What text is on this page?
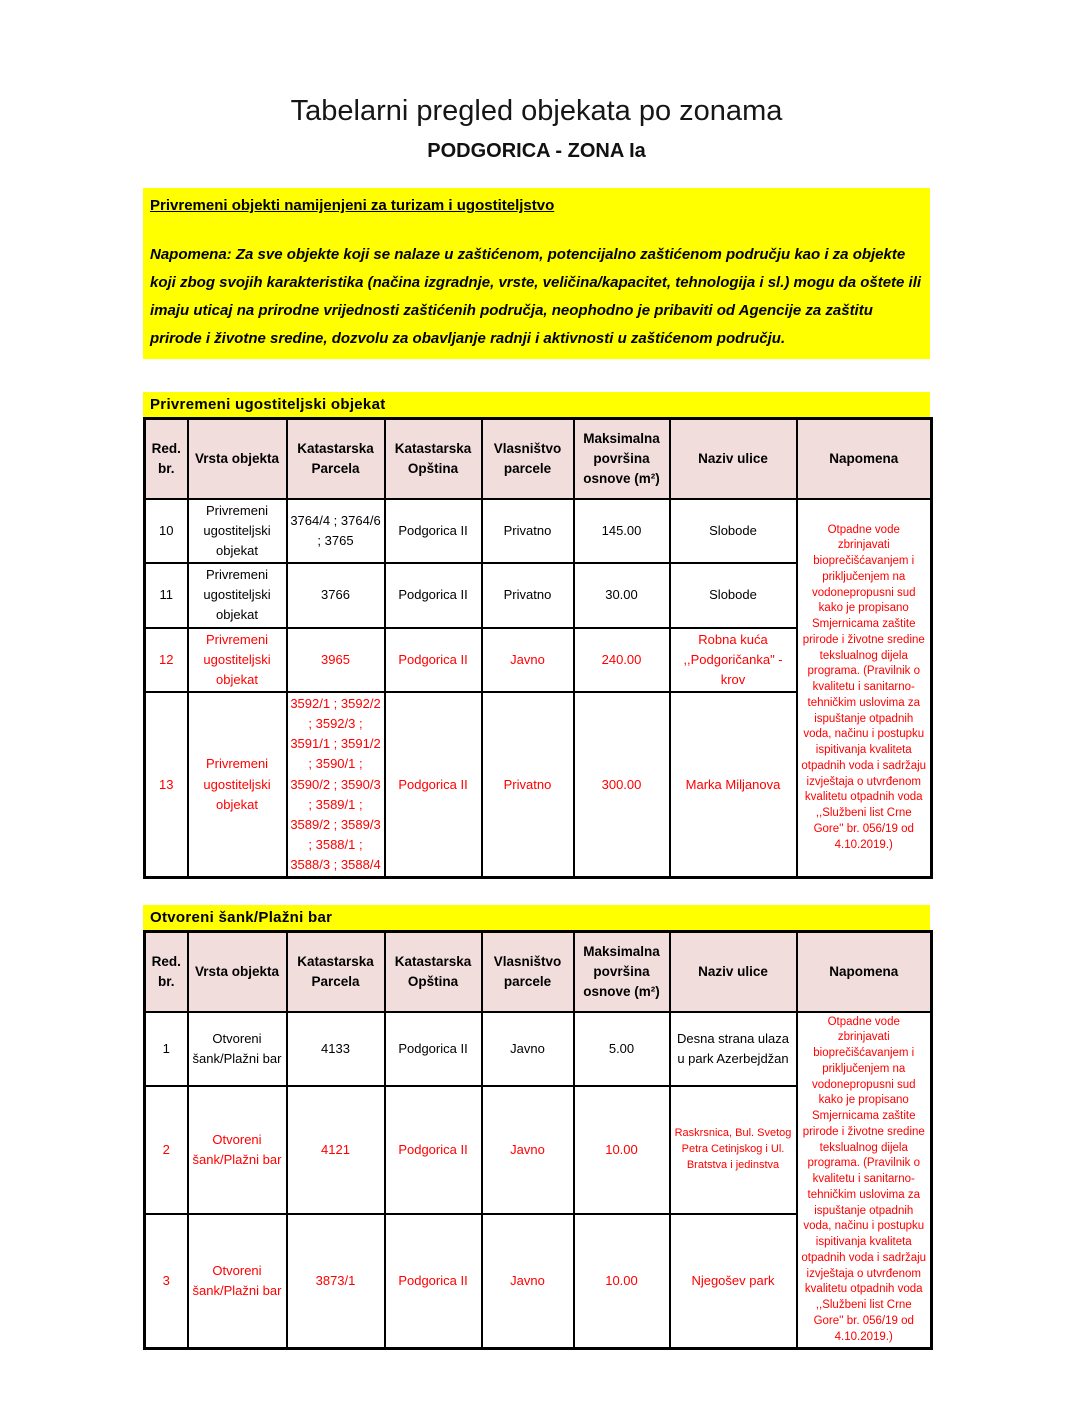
Tabelarni pregled objekata po zonama
PODGORICA - ZONA Ia
Privremeni objekti namijenjeni za turizam i ugostiteljstvo
Napomena: Za sve objekte koji se nalaze u zaštićenom, potencijalno zaštićenom području kao i za objekte koji zbog svojih karakteristika (načina izgradnje, vrste, veličina/kapacitet, tehnologija i sl.) mogu da oštete ili imaju uticaj na prirodne vrijednosti zaštićenih područja, neophodno je pribaviti od Agencije za zaštitu prirode i životne sredine, dozvolu za obavljanje radnji i aktivnosti u zaštićenom području.
Privremeni ugostiteljski objekat
Red. br.	Vrsta objekta	Katastarska Parcela	Katastarska Opština	Vlasništvo parcele	Maksimalna površina osnove (m²)	Naziv ulice	Napomena
10	Privremeni ugostiteljski objekat	3764/4 ; 3764/6 ; 3765	Podgorica II	Privatno	145.00	Slobode	Otpadne vode zbrinjavati bioprečišćavanjem i priključenjem na vodonepropusni sud kako je propisano Smjernicama zaštite prirode i životne sredine tekslualnog dijela programa. (Pravilnik o kvalitetu i sanitarno-tehničkim uslovima za ispuštanje otpadnih voda, načinu i postupku ispitivanja kvaliteta otpadnih voda i sadržaju izvještaja o utvrđenom kvalitetu otpadnih voda ,,Službeni list Crne Gore'' br. 056/19 od 4.10.2019.)
11	Privremeni ugostiteljski objekat	3766	Podgorica II	Privatno	30.00	Slobode	
12	Privremeni ugostiteljski objekat	3965	Podgorica II	Javno	240.00	Robna kuća ,,Podgoričanka" - krov	
13	Privremeni ugostiteljski objekat	3592/1 ; 3592/2 ; 3592/3 ; 3591/1 ; 3591/2 ; 3590/1 ; 3590/2 ; 3590/3 ; 3589/1 ; 3589/2 ; 3589/3 ; 3588/1 ; 3588/3 ; 3588/4	Podgorica II	Privatno	300.00	Marka Miljanova	
Otvoreni šank/Plažni bar
Red. br.	Vrsta objekta	Katastarska Parcela	Katastarska Opština	Vlasništvo parcele	Maksimalna površina osnove (m²)	Naziv ulice	Napomena
1	Otvoreni šank/Plažni bar	4133	Podgorica II	Javno	5.00	Desna strana ulaza u park Azerbejdžan	Otpadne vode zbrinjavati bioprečišćavanjem i priključenjem na vodonepropusni sud kako je propisano Smjernicama zaštite prirode i životne sredine tekslualnog dijela programa. (Pravilnik o kvalitetu i sanitarno-tehničkim uslovima za ispuštanje otpadnih voda, načinu i postupku ispitivanja kvaliteta otpadnih voda i sadržaju izvještaja o utvrđenom kvalitetu otpadnih voda ,,Službeni list Crne Gore'' br. 056/19 od 4.10.2019.)
2	Otvoreni šank/Plažni bar	4121	Podgorica II	Javno	10.00	Raskrsnica, Bul. Svetog Petra Cetinjskog i Ul. Bratstva i jedinstva	
3	Otvoreni šank/Plažni bar	3873/1	Podgorica II	Javno	10.00	Njegošev park	
